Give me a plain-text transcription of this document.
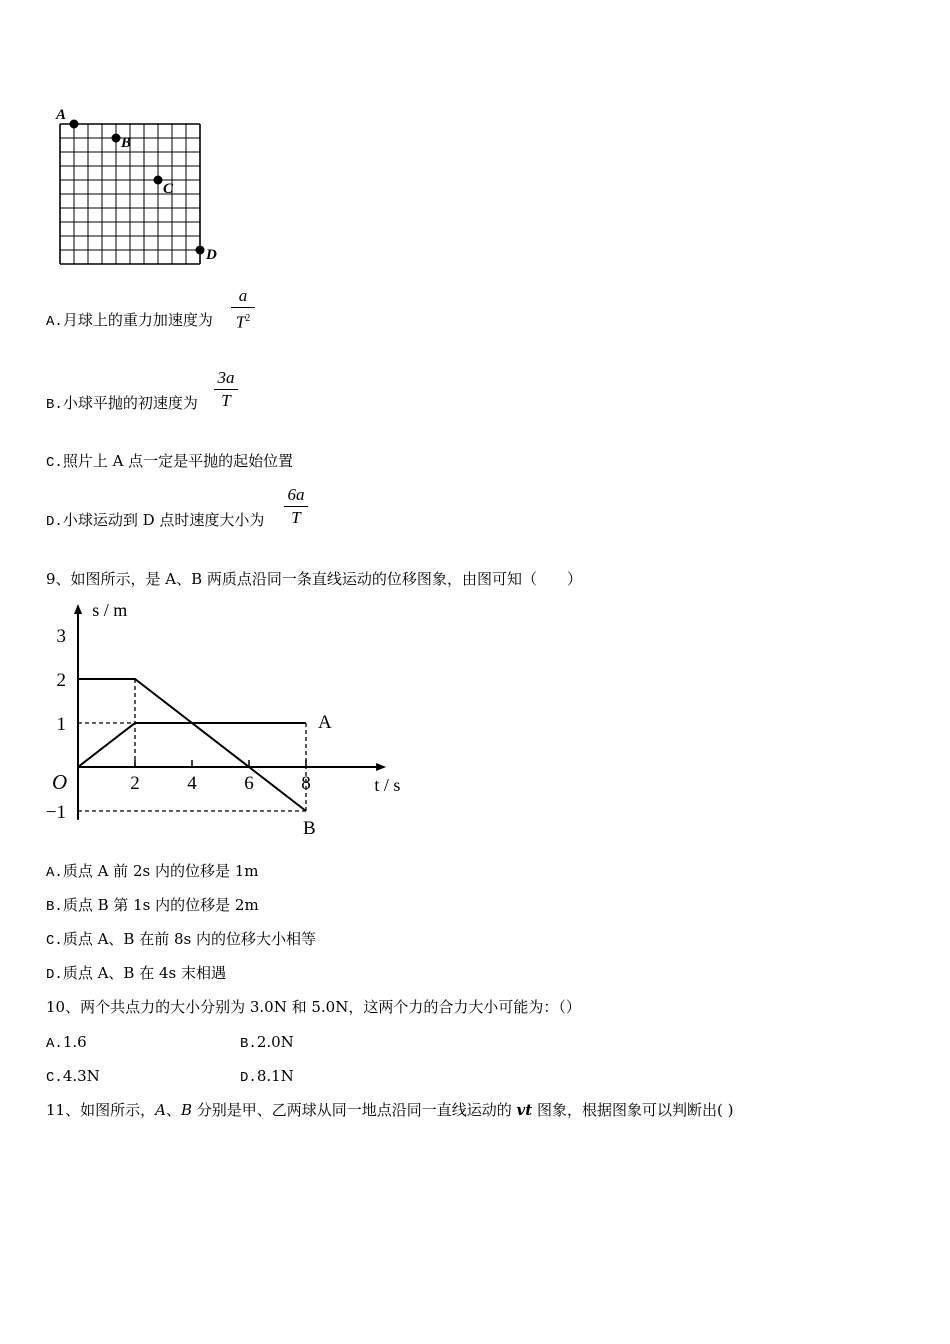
A
B
C
D
A.月球上的重力加速度为
a
$T^2$
B.小球平抛的初速度为
3a
T
C.照片上 A 点一定是平抛的起始位置
D.小球运动到 D 点时速度大小为
6a
T
9、如图所示，是 A、B 两质点沿同一条直线运动的位移图象，由图可知（　　）
s / m
t / s
O
3
2
1
−1
2	4	6	8
A
B
A.质点 A 前 2s 内的位移是 1m
B.质点 B 第 1s 内的位移是 2m
C.质点 A、B 在前 8s 内的位移大小相等
D.质点 A、B 在 4s 末相遇
10、两个共点力的大小分别为 3.0N 和 5.0N，这两个力的合力大小可能为：（）
A.1.6	B.2.0N
C.4.3N	D.8.1N
11、如图所示，A、B 分别是甲、乙两球从同一地点沿同一直线运动的 vt 图象，根据图象可以判断出( )
